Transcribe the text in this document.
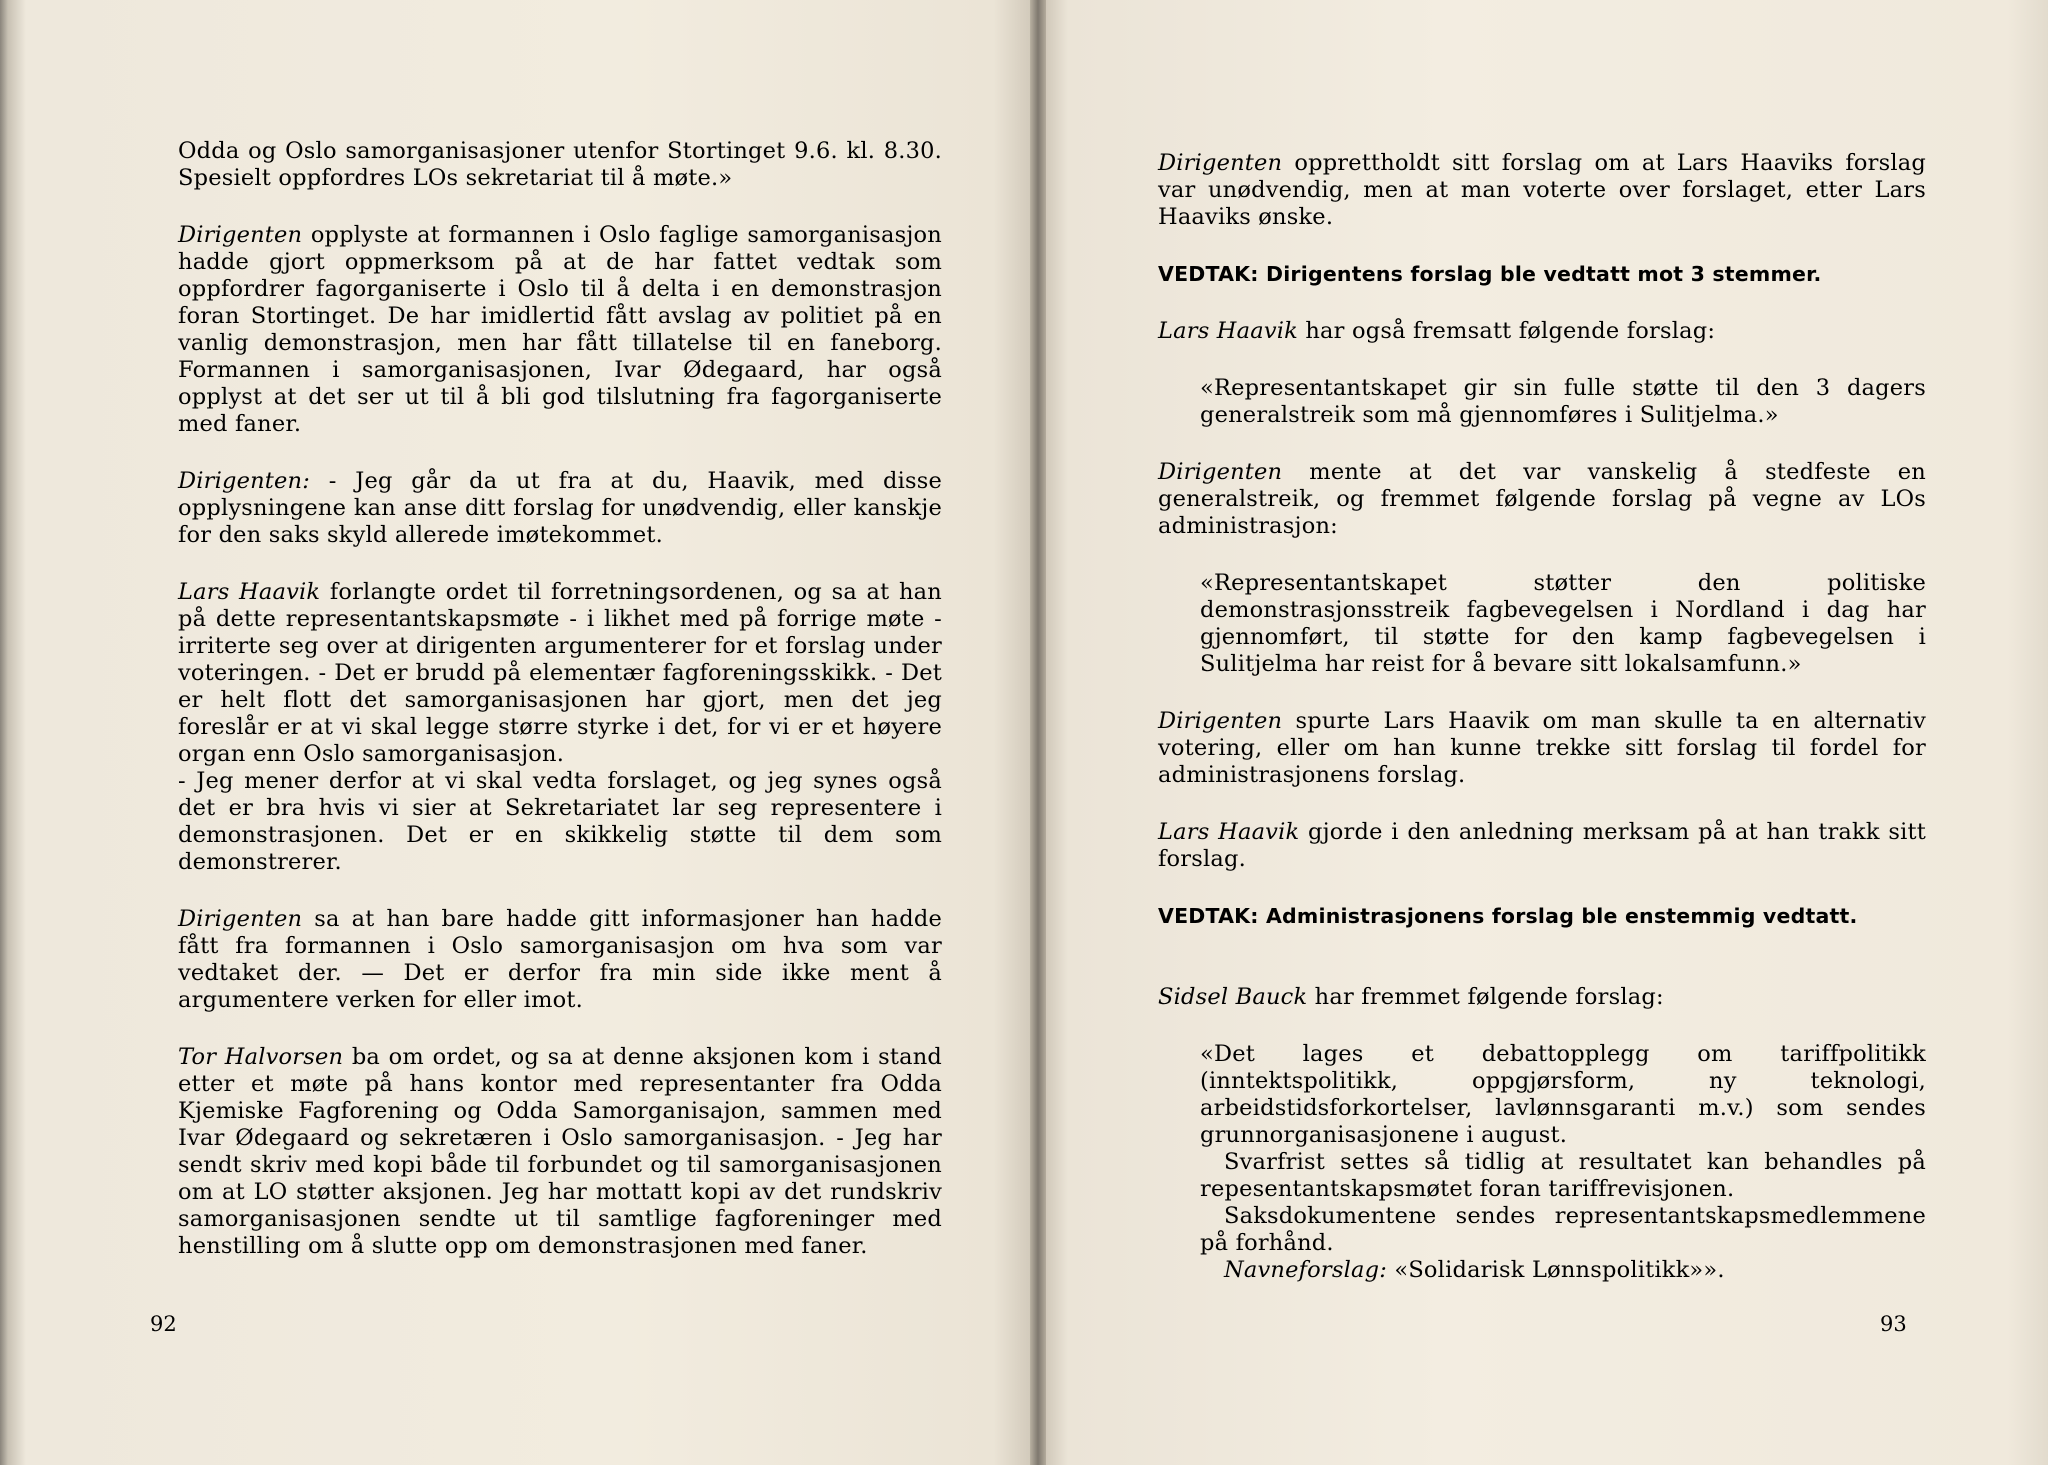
Odda og Oslo samorganisasjoner utenfor Stortinget 9.6. kl. 8.30. Spesielt oppfordres LOs sekretariat til å møte.»

Dirigenten opplyste at formannen i Oslo faglige samorganisasjon hadde gjort oppmerksom på at de har fattet vedtak som oppfordrer fagorganiserte i Oslo til å delta i en demonstrasjon foran Stortinget. De har imidlertid fått avslag av politiet på en vanlig demonstrasjon, men har fått tillatelse til en faneborg. Formannen i samorganisasjonen, Ivar Ødegaard, har også opplyst at det ser ut til å bli god tilslutning fra fagorganiserte med faner.

Dirigenten: - Jeg går da ut fra at du, Haavik, med disse opplysningene kan anse ditt forslag for unødvendig, eller kanskje for den saks skyld allerede imøtekommet.

Lars Haavik forlangte ordet til forretningsordenen, og sa at han på dette representantskapsmøte - i likhet med på forrige møte - irriterte seg over at dirigenten argumenterer for et forslag under voteringen. - Det er brudd på elementær fagforeningsskikk. - Det er helt flott det samorganisasjonen har gjort, men det jeg foreslår er at vi skal legge større styrke i det, for vi er et høyere organ enn Oslo samorganisasjon.

- Jeg mener derfor at vi skal vedta forslaget, og jeg synes også det er bra hvis vi sier at Sekretariatet lar seg representere i demonstrasjonen. Det er en skikkelig støtte til dem som demonstrerer.

Dirigenten sa at han bare hadde gitt informasjoner han hadde fått fra formannen i Oslo samorganisasjon om hva som var vedtaket der. — Det er derfor fra min side ikke ment å argumentere verken for eller imot.

Tor Halvorsen ba om ordet, og sa at denne aksjonen kom i stand etter et møte på hans kontor med representanter fra Odda Kjemiske Fagforening og Odda Samorganisajon, sammen med Ivar Ødegaard og sekretæren i Oslo samorganisasjon. - Jeg har sendt skriv med kopi både til forbundet og til samorganisasjonen om at LO støtter aksjonen. Jeg har mottatt kopi av det rundskriv samorganisasjonen sendte ut til samtlige fagforeninger med henstilling om å slutte opp om demonstrasjonen med faner.

92

Dirigenten opprettholdt sitt forslag om at Lars Haaviks forslag var unødvendig, men at man voterte over forslaget, etter Lars Haaviks ønske.

VEDTAK: Dirigentens forslag ble vedtatt mot 3 stemmer.

Lars Haavik har også fremsatt følgende forslag:

«Representantskapet gir sin fulle støtte til den 3 dagers generalstreik som må gjennomføres i Sulitjelma.»

Dirigenten mente at det var vanskelig å stedfeste en generalstreik, og fremmet følgende forslag på vegne av LOs administrasjon:

«Representantskapet støtter den politiske demonstrasjonsstreik fagbevegelsen i Nordland i dag har gjennomført, til støtte for den kamp fagbevegelsen i Sulitjelma har reist for å bevare sitt lokalsamfunn.»

Dirigenten spurte Lars Haavik om man skulle ta en alternativ votering, eller om han kunne trekke sitt forslag til fordel for administrasjonens forslag.

Lars Haavik gjorde i den anledning merksam på at han trakk sitt forslag.

VEDTAK: Administrasjonens forslag ble enstemmig vedtatt.

Sidsel Bauck har fremmet følgende forslag:

«Det lages et debattopplegg om tariffpolitikk (inntektspolitikk, oppgjørsform, ny teknologi, arbeidstidsforkortelser, lavlønnsgaranti m.v.) som sendes grunnorganisasjonene i august.

Svarfrist settes så tidlig at resultatet kan behandles på repesentantskapsmøtet foran tariffrevisjonen.

Saksdokumentene sendes representantskapsmedlemmene på forhånd.

Navneforslag: «Solidarisk Lønnspolitikk»».

93
